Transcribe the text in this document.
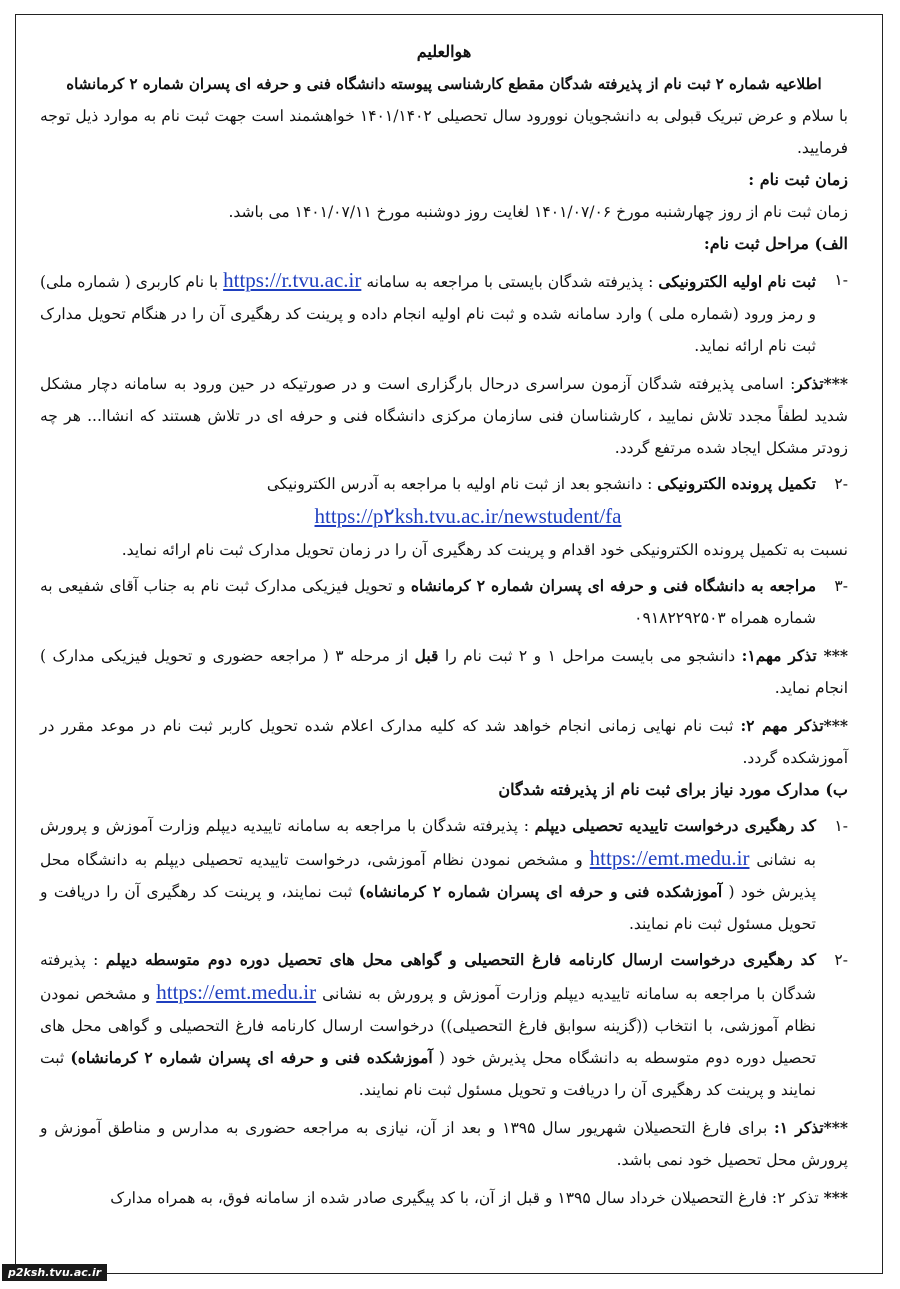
هوالعلیم

اطلاعیه شماره ۲ ثبت نام از پذیرفته شدگان مقطع کارشناسی پیوسته دانشگاه فنی و حرفه ای پسران شماره ۲ کرمانشاه

با سلام و عرض تبریک قبولی به دانشجویان نوورود سال تحصیلی ۱۴۰۱/۱۴۰۲ خواهشمند است جهت ثبت نام به موارد ذیل توجه فرمایید.

زمان ثبت نام :

زمان ثبت نام از روز چهارشنبه مورخ ۱۴۰۱/۰۷/۰۶ لغایت روز دوشنبه مورخ ۱۴۰۱/۰۷/۱۱ می باشد.

الف) مراحل ثبت نام:

-۱
ثبت نام اولیه الکترونیکی : پذیرفته شدگان بایستی با مراجعه به سامانه https://r.tvu.ac.ir با نام کاربری ( شماره ملی) و رمز ورود (شماره ملی ) وارد سامانه شده و ثبت نام اولیه انجام داده و پرینت کد رهگیری آن را در هنگام تحویل مدارک ثبت نام ارائه نماید.
***تذکر: اسامی پذیرفته شدگان آزمون سراسری درحال بارگزاری است و در صورتیکه در حین ورود به سامانه دچار مشکل شدید لطفاً مجدد تلاش نمایید ، کارشناسان فنی سازمان مرکزی دانشگاه فنی و حرفه ای در تلاش هستند که انشاا... هر چه زودتر مشکل ایجاد شده مرتفع گردد.
-۲
تکمیل پرونده الکترونیکی : دانشجو بعد از ثبت نام اولیه با مراجعه به آدرس الکترونیکی
https://p۲ksh.tvu.ac.ir/newstudent/fa

نسبت به تکمیل پرونده الکترونیکی خود اقدام و پرینت کد رهگیری آن را در زمان تحویل مدارک ثبت نام ارائه نماید.

-۳
مراجعه به دانشگاه فنی و حرفه ای پسران شماره ۲ کرمانشاه و تحویل فیزیکی مدارک ثبت نام به جناب آقای شفیعی به شماره همراه ۰۹۱۸۲۲۹۲۵۰۳
*** تذکر مهم۱: دانشجو می بایست مراحل ۱ و ۲ ثبت نام را قبل از مرحله ۳ ( مراجعه حضوری و تحویل فیزیکی مدارک ) انجام نماید.
***تذکر مهم ۲: ثبت نام نهایی زمانی انجام خواهد شد که کلیه مدارک اعلام شده تحویل کاربر ثبت نام در موعد مقرر در آموزشکده گردد.

ب) مدارک مورد نیاز برای ثبت نام از پذیرفته شدگان

-۱
کد رهگیری درخواست تاییدیه تحصیلی دیپلم : پذیرفته شدگان با مراجعه به سامانه تاییدیه دیپلم وزارت آموزش و پرورش به نشانی https://emt.medu.ir و مشخص نمودن نظام آموزشی، درخواست تاییدیه تحصیلی دیپلم به دانشگاه محل پذیرش خود ( آموزشکده فنی و حرفه ای پسران شماره ۲ کرمانشاه) ثبت نمایند، و پرینت کد رهگیری آن را دریافت و تحویل مسئول ثبت نام نمایند.
-۲
کد رهگیری درخواست ارسال کارنامه فارغ التحصیلی و گواهی محل های تحصیل دوره دوم متوسطه دیپلم : پذیرفته شدگان با مراجعه به سامانه تاییدیه دیپلم وزارت آموزش و پرورش به نشانی https://emt.medu.ir و مشخص نمودن نظام آموزشی، با انتخاب ((گزینه سوابق فارغ التحصیلی)) درخواست ارسال کارنامه فارغ التحصیلی و گواهی محل های تحصیل دوره دوم متوسطه به دانشگاه محل پذیرش خود ( آموزشکده فنی و حرفه ای پسران شماره ۲ کرمانشاه) ثبت نمایند و پرینت کد رهگیری آن را دریافت و تحویل مسئول ثبت نام نمایند.
***تذکر ۱: برای فارغ التحصیلان شهریور سال ۱۳۹۵ و بعد از آن، نیازی به مراجعه حضوری به مدارس و مناطق آموزش و پرورش محل تحصیل خود نمی باشد.
*** تذکر ۲: فارغ التحصیلان خرداد سال ۱۳۹۵ و قبل از آن، با کد پیگیری صادر شده از سامانه فوق، به همراه مدارک
p2ksh.tvu.ac.ir
